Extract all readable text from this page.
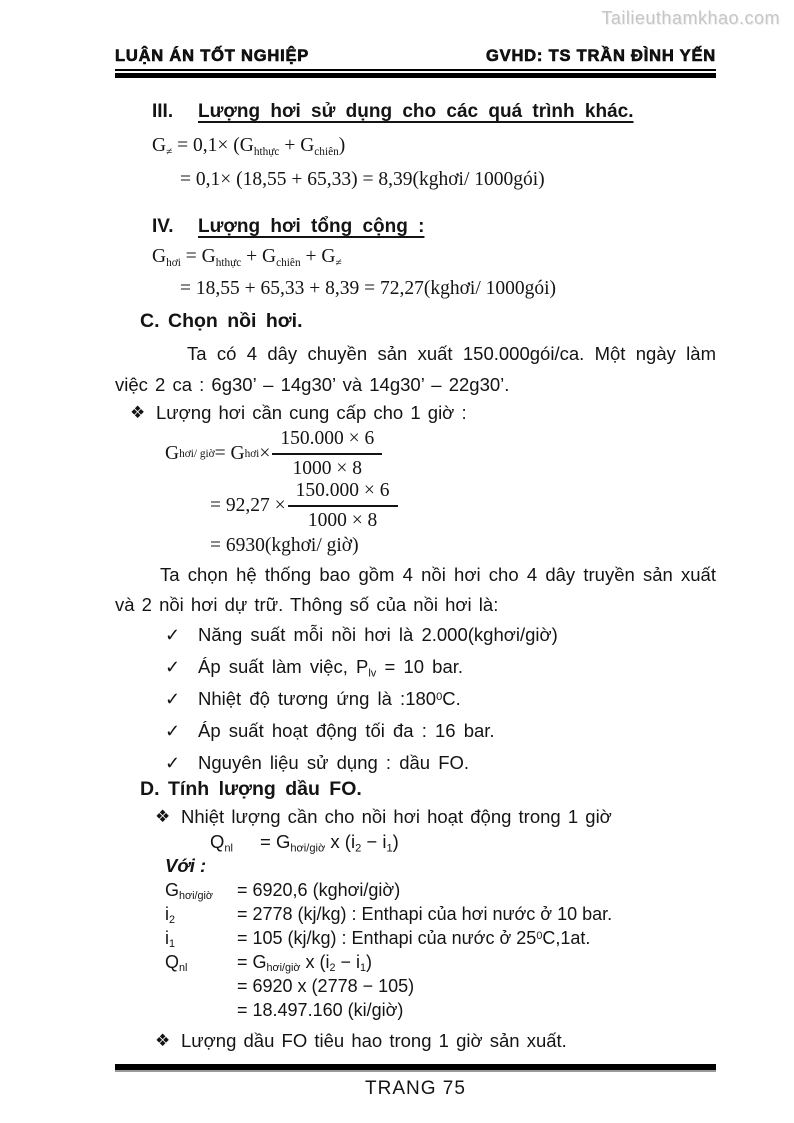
Tailieuthamkhao.com
LUẬN ÁN TỐT NGHIỆP	GVHD: TS TRẦN ĐÌNH YẾN
III. Lượng hơi sử dụng cho các quá trình khác.
$G_\ne = 0,1\times (G_{hthực} + G_{chiên})$
= 0,1× (18,55 + 65,33) = 8,39(kghơi/ 1000gói)
IV. Lượng hơi tổng cộng :
$G_{hơi} = G_{hthực} + G_{chiên} + G_\ne$
= 18,55 + 65,33 + 8,39 = 72,27(kghơi/ 1000gói)
C. Chọn nồi hơi.
Ta có 4 dây chuyền sản xuất 150.000gói/ca. Một ngày làm việc 2 ca : 6g30’ – 14g30’ và 14g30’ – 22g30’.
❖ Lượng hơi cần cung cấp cho 1 giờ :
G hơi/ giờ = G hơi × $\frac{150.000 \times 6}{1000 \times 8}$
= $92,27 \times \frac{150.000 \times 6}{1000 \times 8}$
= 6930(kghơi/ giờ)
Ta chọn hệ thống bao gồm 4 nồi hơi cho 4 dây truyền sản xuất và 2 nồi hơi dự trữ. Thông số của nồi hơi là:
✓ Năng suất mỗi nồi hơi là 2.000(kghơi/giờ)
✓ Áp suất làm việc, $P_{lv} = 10$ bar.
✓ Nhiệt độ tương ứng là $:180^0C$.
✓ Áp suất hoạt động tối đa : 16 bar.
✓ Nguyên liệu sử dụng : dầu FO.
D. Tính lượng dầu FO.
❖ Nhiệt lượng cần cho nồi hơi hoạt động trong 1 giờ
$Q_{nl}$	= $G_{hơi/giờ}$ x $(i_2 - i_1)$
Với :
$G_{hơi/giờ}$	= 6920,6 (kghơi/giờ)
$i_2$	= 2778 (kj/kg) : Enthapi của hơi nước ở 10 bar.
$i_1$	= 105 (kj/kg) : Enthapi của nước ở $25^0C,1at$.
$Q_{nl}$	= $G_{hơi/giờ}$ x $(i_2 - i_1)$
= 6920 x (2778 − 105)
= 18.497.160 (ki/giờ)
❖ Lượng dầu FO tiêu hao trong 1 giờ sản xuất.
TRANG 75
